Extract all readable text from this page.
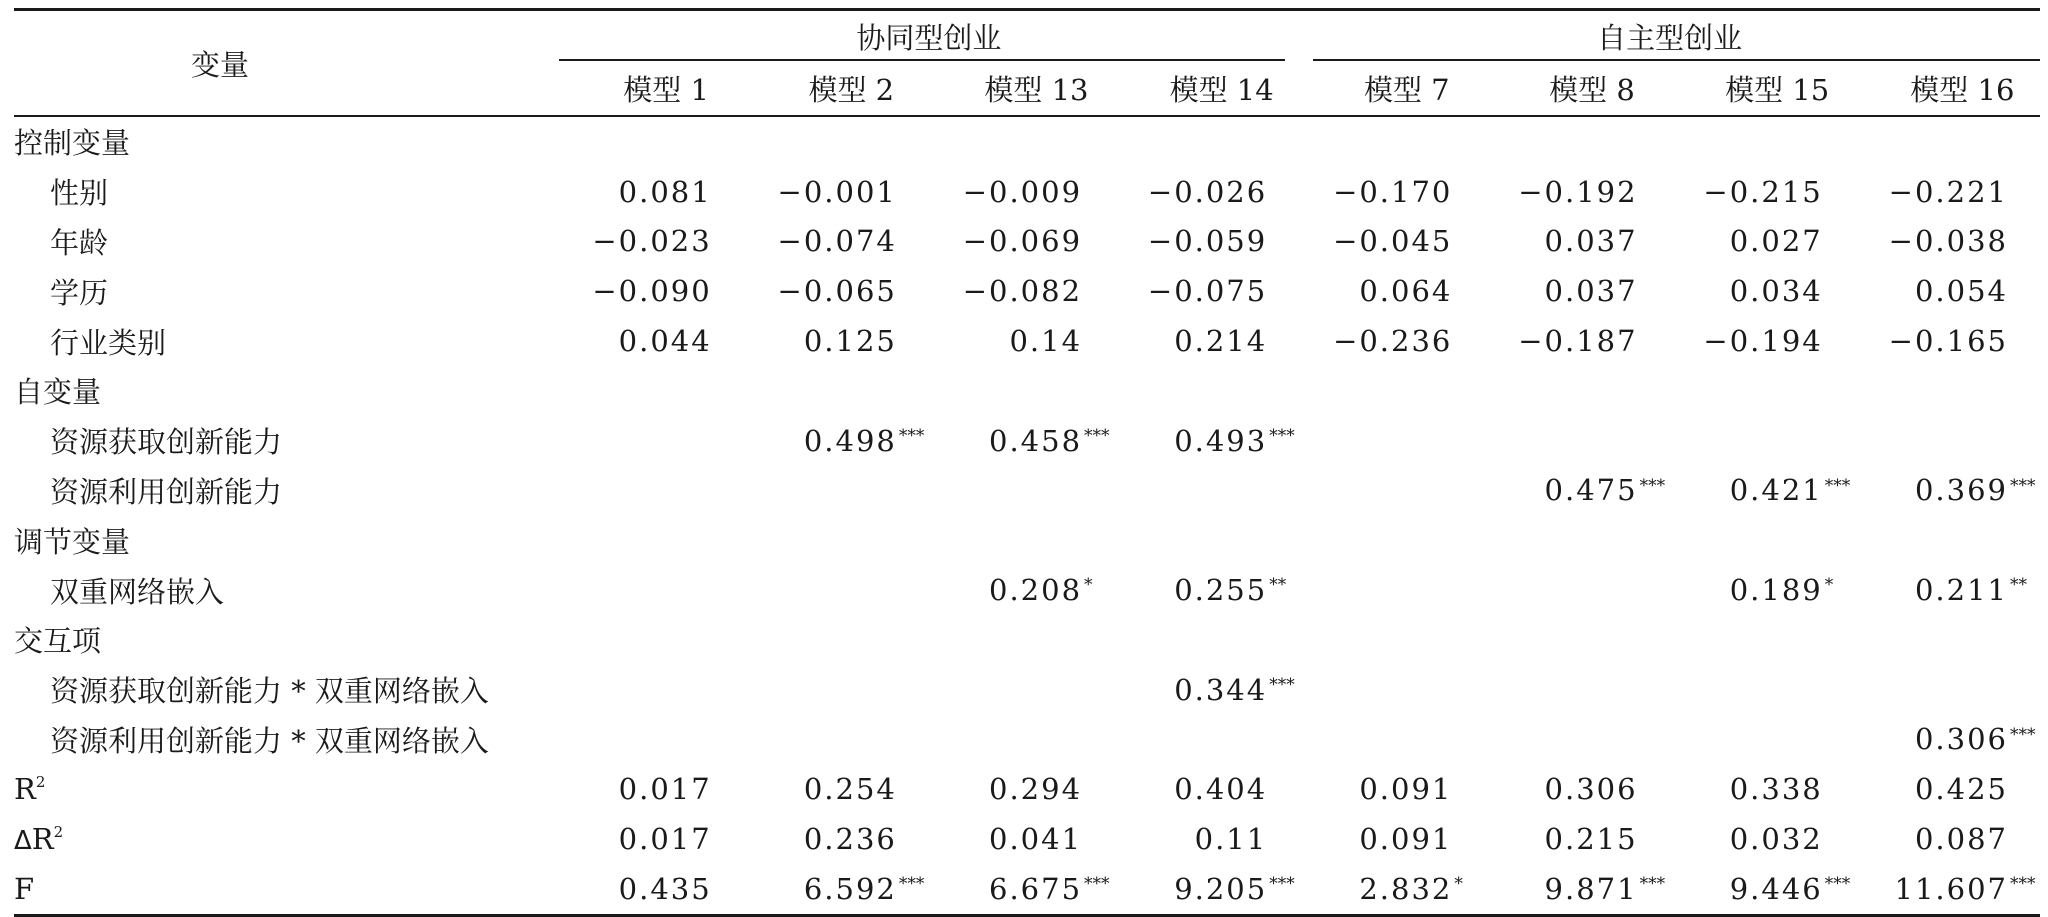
变量	协同型创业				自主型创业			

	模型 1	模型 2	模型 13	模型 14	模型 7	模型 8	模型 15	模型 16
控制变量	

性别	0.081	−0.001	−0.009	−0.026	−0.170	−0.192	−0.215	−0.221

年龄	−0.023	−0.074	−0.069	−0.059	−0.045	0.037	0.027	−0.038

学历	−0.090	−0.065	−0.082	−0.075	0.064	0.037	0.034	0.054

行业类别	0.044	0.125	0.14	0.214	−0.236	−0.187	−0.194	−0.165

自变量	

资源获取创新能力		0.498 ***	0.458 ***	0.493 ***				

资源利用创新能力						0.475 ***	0.421 ***	0.369 ***

调节变量	

双重网络嵌入			0.208 *	0.255 **			0.189 *	0.211 **

交互项	

资源获取创新能力 * 双重网络嵌入				0.344 ***				

资源利用创新能力 * 双重网络嵌入								0.306 ***

$R^2$	0.017	0.254	0.294	0.404	0.091	0.306	0.338	0.425

$\Delta R^2$	0.017	0.236	0.041	0.11	0.091	0.215	0.032	0.087

F	0.435	6.592 ***	6.675 ***	9.205 ***	2.832 *	9.871 ***	9.446 ***	11.607 ***
